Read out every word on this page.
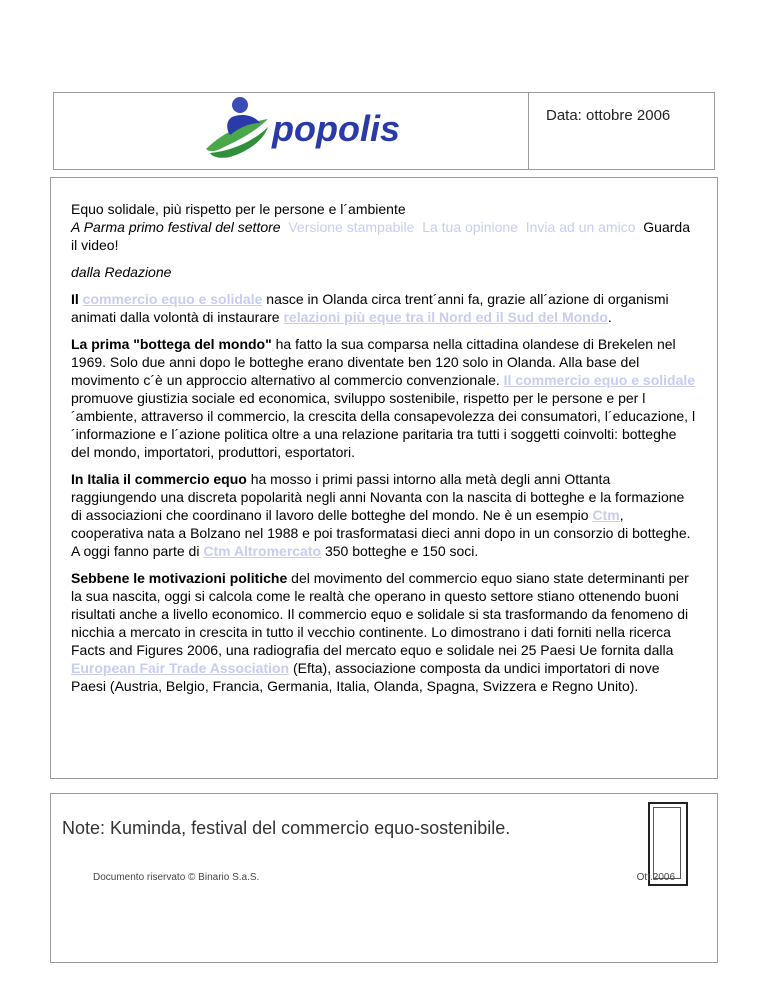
popolis	Data: ottobre 2006
Equo solidale, più rispetto per le persone e l´ambiente
A Parma primo festival del settore Versione stampabile La tua opinione Invia ad un amico Guarda il video!

dalla Redazione

Il commercio equo e solidale nasce in Olanda circa trent´anni fa, grazie all´azione di organismi animati dalla volontà di instaurare relazioni più eque tra il Nord ed il Sud del Mondo.

La prima "bottega del mondo" ha fatto la sua comparsa nella cittadina olandese di Brekelen nel 1969. Solo due anni dopo le botteghe erano diventate ben 120 solo in Olanda. Alla base del movimento c´è un approccio alternativo al commercio convenzionale. Il commercio equo e solidale promuove giustizia sociale ed economica, sviluppo sostenibile, rispetto per le persone e per l´ambiente, attraverso il commercio, la crescita della consapevolezza dei consumatori, l´educazione, l´informazione e l´azione politica oltre a una relazione paritaria tra tutti i soggetti coinvolti: botteghe del mondo, importatori, produttori, esportatori.

In Italia il commercio equo ha mosso i primi passi intorno alla metà degli anni Ottanta raggiungendo una discreta popolarità negli anni Novanta con la nascita di botteghe e la formazione di associazioni che coordinano il lavoro delle botteghe del mondo. Ne è un esempio Ctm, cooperativa nata a Bolzano nel 1988 e poi trasformatasi dieci anni dopo in un consorzio di botteghe. A oggi fanno parte di Ctm Altromercato 350 botteghe e 150 soci.

Sebbene le motivazioni politiche del movimento del commercio equo siano state determinanti per la sua nascita, oggi si calcola come le realtà che operano in questo settore stiano ottenendo buoni risultati anche a livello economico. Il commercio equo e solidale si sta trasformando da fenomeno di nicchia a mercato in crescita in tutto il vecchio continente. Lo dimostrano i dati forniti nella ricerca Facts and Figures 2006, una radiografia del mercato equo e solidale nei 25 Paesi Ue fornita dalla European Fair Trade Association (Efta), associazione composta da undici importatori di nove Paesi (Austria, Belgio, Francia, Germania, Italia, Olanda, Spagna, Svizzera e Regno Unito).

Note: Kuminda, festival del commercio equo-sostenibile.
Documento riservato © Binario S.a.S.	Ott.2006
